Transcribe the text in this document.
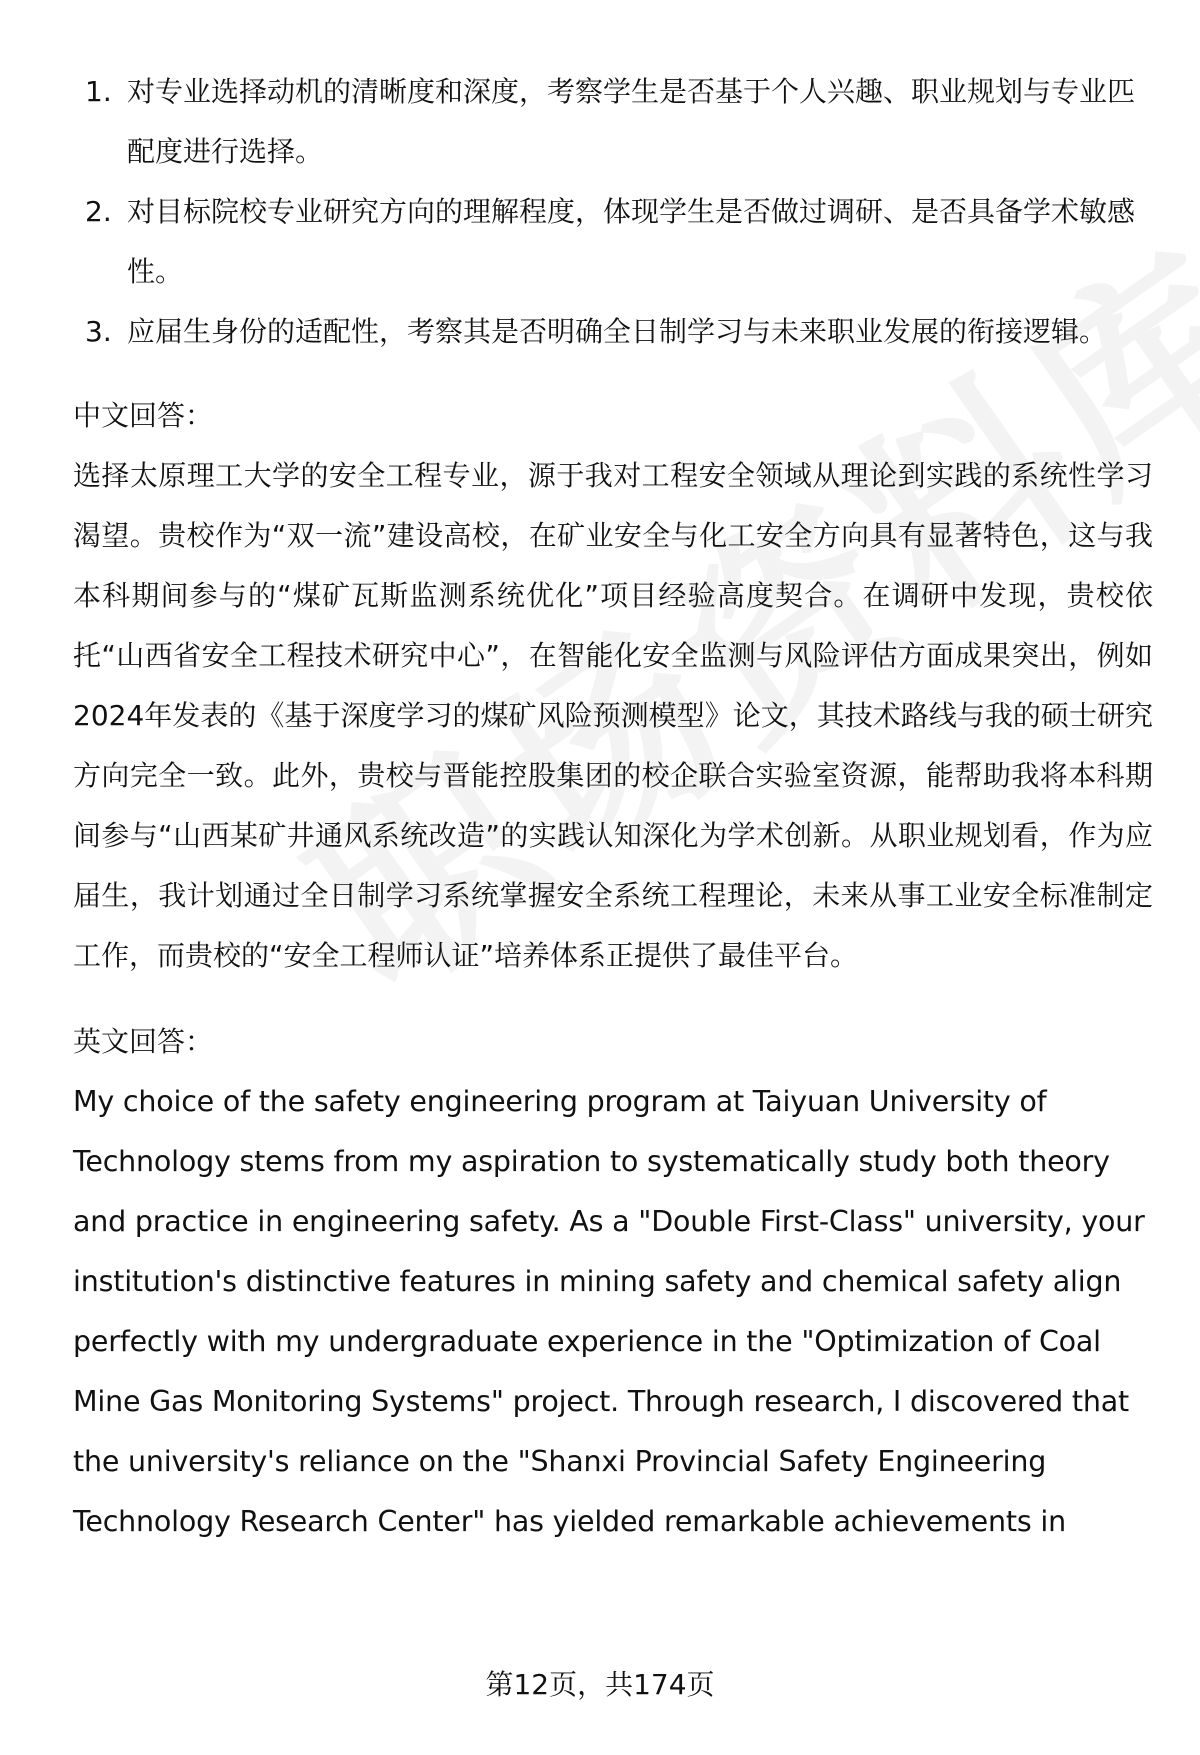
1. 对专业选择动机的清晰度和深度，考察学生是否基于个人兴趣、职业规划与专业匹配度进行选择。
2. 对目标院校专业研究方向的理解程度，体现学生是否做过调研、是否具备学术敏感性。
3. 应届生身份的适配性，考察其是否明确全日制学习与未来职业发展的衔接逻辑。

中文回答：

选择太原理工大学的安全工程专业，源于我对工程安全领域从理论到实践的系统性学习渴望。贵校作为“双一流”建设高校，在矿业安全与化工安全方向具有显著特色，这与我本科期间参与的“煤矿瓦斯监测系统优化”项目经验高度契合。在调研中发现，贵校依托“山西省安全工程技术研究中心”，在智能化安全监测与风险评估方面成果突出，例如2024年发表的《基于深度学习的煤矿风险预测模型》论文，其技术路线与我的硕士研究方向完全一致。此外，贵校与晋能控股集团的校企联合实验室资源，能帮助我将本科期间参与“山西某矿井通风系统改造”的实践认知深化为学术创新。从职业规划看，作为应届生，我计划通过全日制学习系统掌握安全系统工程理论，未来从事工业安全标准制定工作，而贵校的“安全工程师认证”培养体系正提供了最佳平台。

英文回答：

My choice of the safety engineering program at Taiyuan University of Technology stems from my aspiration to systematically study both theory and practice in engineering safety. As a "Double First-Class" university, your institution's distinctive features in mining safety and chemical safety align perfectly with my undergraduate experience in the "Optimization of Coal Mine Gas Monitoring Systems" project. Through research, I discovered that the university's reliance on the "Shanxi Provincial Safety Engineering Technology Research Center" has yielded remarkable achievements in

第12页，共174页
